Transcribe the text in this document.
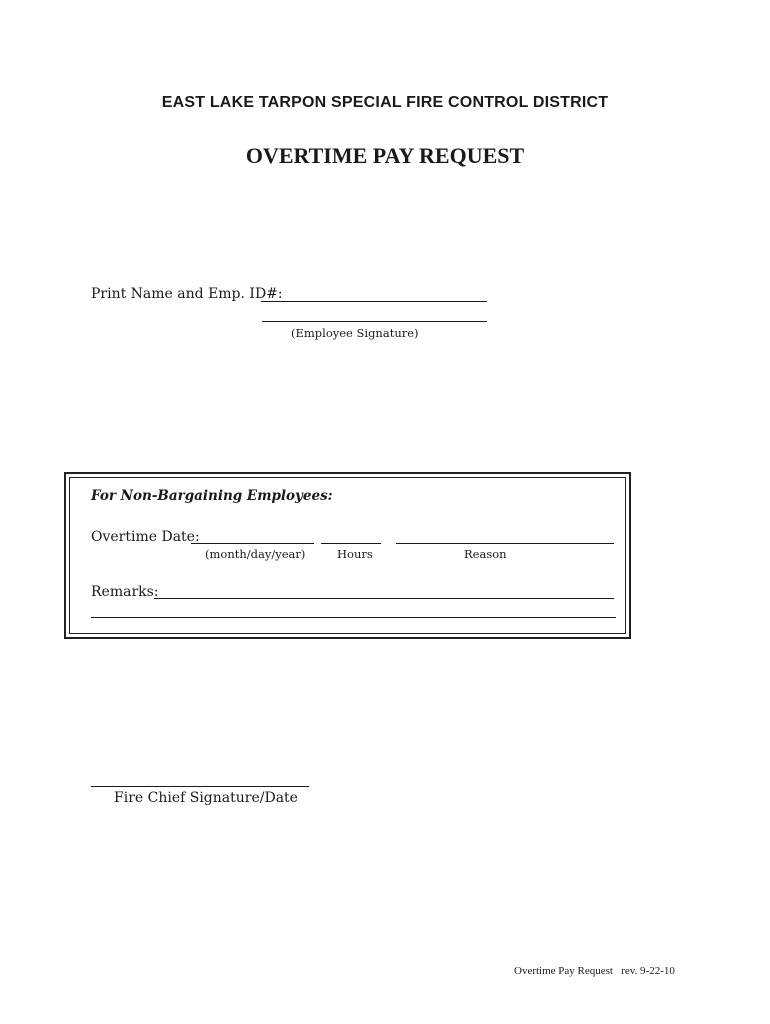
EAST LAKE TARPON SPECIAL FIRE CONTROL DISTRICT
OVERTIME PAY REQUEST
Print Name and Emp. ID#:
(Employee Signature)
For Non-Bargaining Employees:
Overtime Date:
(month/day/year)	Hours	Reason
Remarks:
Fire Chief Signature/Date
Overtime Pay Request   rev. 9-22-10
